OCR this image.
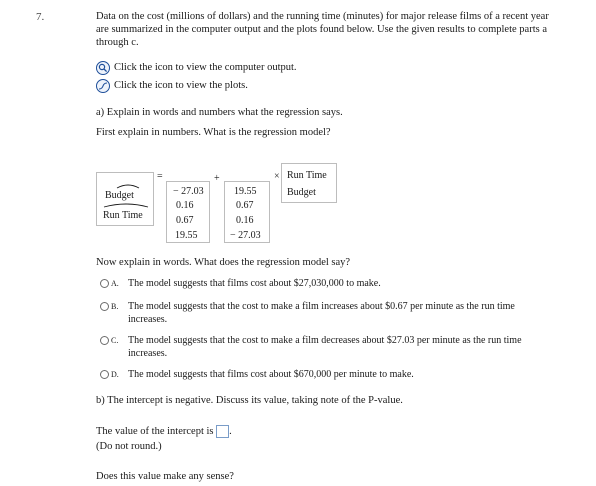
7.	Data on the cost (millions of dollars) and the running time (minutes) for major release films of a recent year are summarized in the computer output and the plots found below. Use the given results to complete parts a through c.
Click the icon to view the computer output.
Click the icon to view the plots.
a) Explain in words and numbers what the regression says.
First explain in numbers. What is the regression model?
Budget
Run Time
=
− 27.03
0.16
0.67
19.55
+
19.55
0.67
0.16
− 27.03
× Run Time
Budget
Now explain in words. What does the regression model say?
A. The model suggests that films cost about $27,030,000 to make.
B. The model suggests that the cost to make a film increases about $0.67 per minute as the run time increases.
C. The model suggests that the cost to make a film decreases about $27.03 per minute as the run time increases.
D. The model suggests that films cost about $670,000 per minute to make.
b) The intercept is negative. Discuss its value, taking note of the P-value.
The value of the intercept is .
(Do not round.)
Does this value make any sense?
